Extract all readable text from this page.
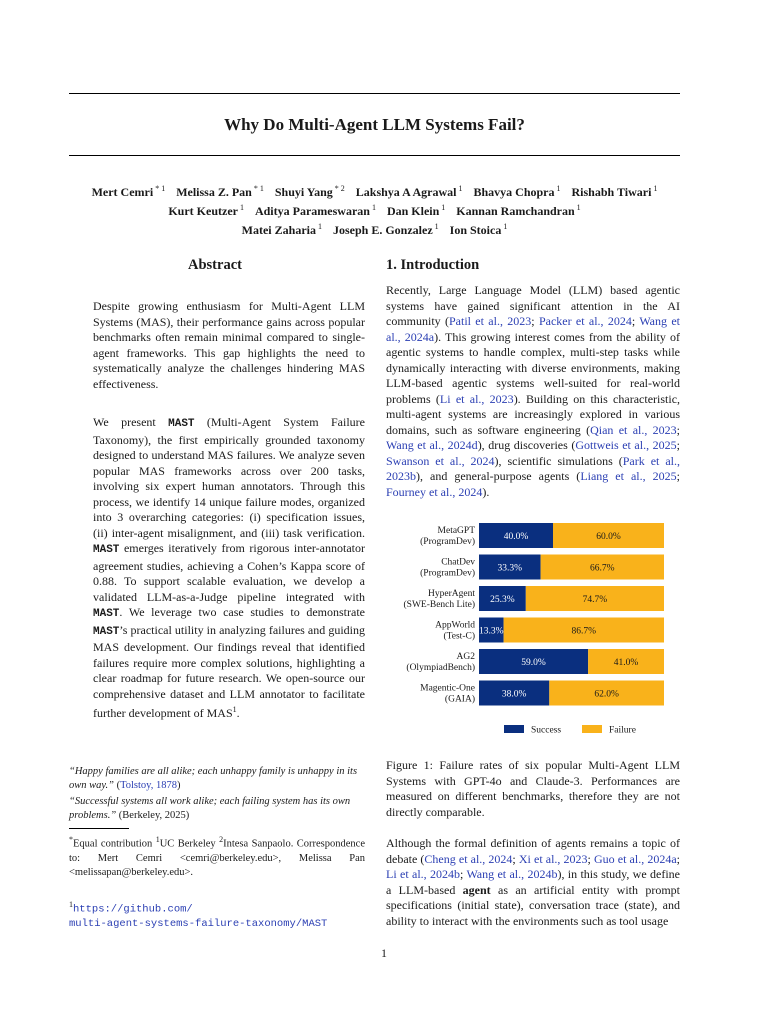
Why Do Multi-Agent LLM Systems Fail?
Mert Cemri $^{* 1}$ Melissa Z. Pan $^{* 1}$ Shuyi Yang $^{* 2}$ Lakshya A Agrawal $^1$ Bhavya Chopra $^1$ Rishabh Tiwari $^1$
Kurt Keutzer $^1$ Aditya Parameswaran $^1$ Dan Klein $^1$ Kannan Ramchandran $^1$
Matei Zaharia $^1$ Joseph E. Gonzalez $^1$ Ion Stoica $^1$
Abstract

Despite growing enthusiasm for Multi-Agent LLM Systems (MAS), their performance gains across popular benchmarks often remain minimal compared to single-agent frameworks. This gap highlights the need to systematically analyze the challenges hindering MAS effectiveness.

We present MAST (Multi-Agent System Failure Taxonomy), the first empirically grounded taxonomy designed to understand MAS failures. We analyze seven popular MAS frameworks across over 200 tasks, involving six expert human annotators. Through this process, we identify 14 unique failure modes, organized into 3 overarching categories: (i) specification issues, (ii) inter-agent misalignment, and (iii) task verification. MAST emerges iteratively from rigorous inter-annotator agreement studies, achieving a Cohen’s Kappa score of 0.88. To support scalable evaluation, we develop a validated LLM-as-a-Judge pipeline integrated with MAST. We leverage two case studies to demonstrate MAST’s practical utility in analyzing failures and guiding MAS development. Our findings reveal that identified failures require more complex solutions, highlighting a clear roadmap for future research. We open-source our comprehensive dataset and LLM annotator to facilitate further development of MAS$^1$.

“Happy families are all alike; each unhappy family is unhappy in its own way.” (Tolstoy, 1878)

“Successful systems all work alike; each failing system has its own problems.” (Berkeley, 2025)

*Equal contribution $^1$UC Berkeley $^2$Intesa Sanpaolo. Correspondence to: Mert Cemri <cemri@berkeley.edu>, Melissa Pan <melissapan@berkeley.edu>.

$^1$https://github.com/
multi-agent-systems-failure-taxonomy/MAST

1. Introduction

Recently, Large Language Model (LLM) based agentic systems have gained significant attention in the AI community (Patil et al., 2023; Packer et al., 2024; Wang et al., 2024a). This growing interest comes from the ability of agentic systems to handle complex, multi-step tasks while dynamically interacting with diverse environments, making LLM-based agentic systems well-suited for real-world problems (Li et al., 2023). Building on this characteristic, multi-agent systems are increasingly explored in various domains, such as software engineering (Qian et al., 2023; Wang et al., 2024d), drug discoveries (Gottweis et al., 2025; Swanson et al., 2024), scientific simulations (Park et al., 2023b), and general-purpose agents (Liang et al., 2025; Fourney et al., 2024).

40.0%	60.0%
MetaGPT
(ProgramDev)
33.3%	66.7%
ChatDev
(ProgramDev)
25.3%	74.7%
HyperAgent
(SWE-Bench Lite)
13.3%	86.7%
AppWorld
(Test-C)
59.0%	41.0%
AG2
(OlympiadBench)
38.0%	62.0%
Magentic-One
(GAIA)
Success	Failure

Figure 1: Failure rates of six popular Multi-Agent LLM Systems with GPT-4o and Claude-3. Performances are measured on different benchmarks, therefore they are not directly comparable.

Although the formal definition of agents remains a topic of debate (Cheng et al., 2024; Xi et al., 2023; Guo et al., 2024a; Li et al., 2024b; Wang et al., 2024b), in this study, we define a LLM-based agent as an artificial entity with prompt specifications (initial state), conversation trace (state), and ability to interact with the environments such as tool usage

1
